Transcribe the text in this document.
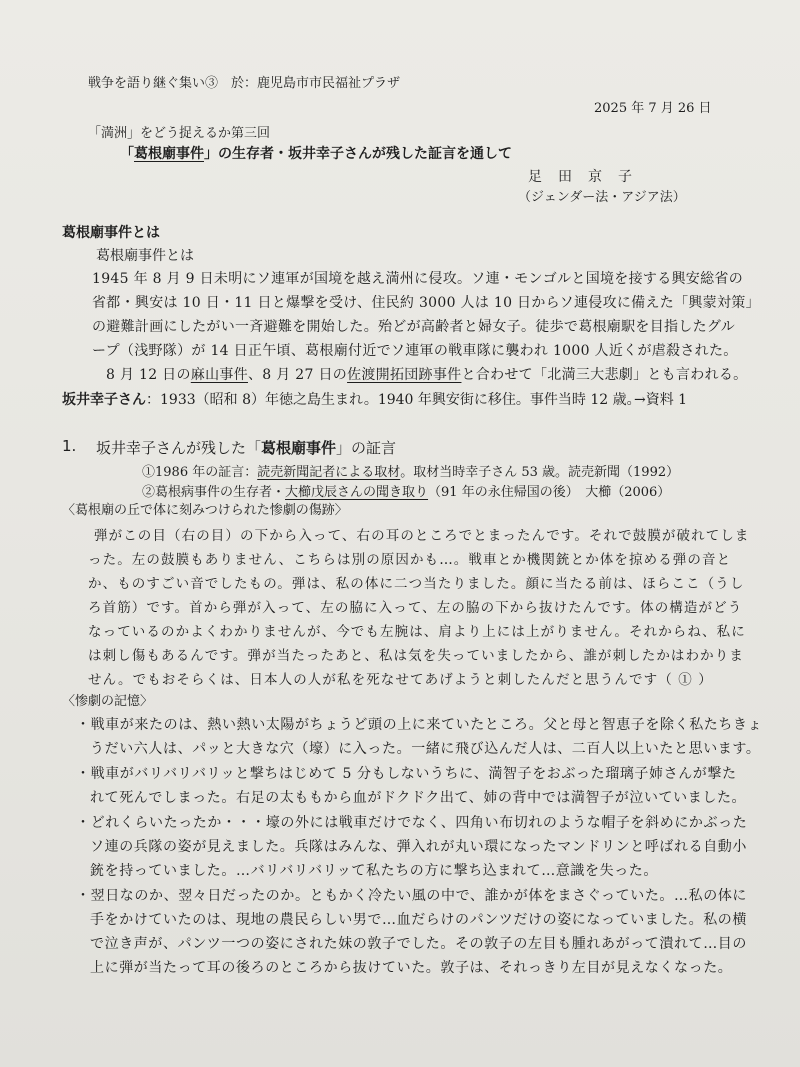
戦争を語り継ぐ集い③　於：鹿児島市市民福祉プラザ
2025 年 7 月 26 日
「満洲」をどう捉えるか第三回
「葛根廟事件」の生存者・坂井幸子さんが残した証言を通して
足　田　京　子
（ジェンダー法・アジア法）
葛根廟事件とは
葛根廟事件とは
1945 年 8 月 9 日未明にソ連軍が国境を越え満州に侵攻。ソ連・モンゴルと国境を接する興安総省の
省都・興安は 10 日・11 日と爆撃を受け、住民約 3000 人は 10 日からソ連侵攻に備えた「興蒙対策」
の避難計画にしたがい一斉避難を開始した。殆どが高齢者と婦女子。徒歩で葛根廟駅を目指したグル
ープ（浅野隊）が 14 日正午頃、葛根廟付近でソ連軍の戦車隊に襲われ 1000 人近くが虐殺された。
8 月 12 日の麻山事件、8 月 27 日の佐渡開拓団跡事件と合わせて「北満三大悲劇」とも言われる。
坂井幸子さん：1933（昭和 8）年徳之島生まれ。1940 年興安街に移住。事件当時 12 歳。
→資料 1
1. 坂井幸子さんが残した「葛根廟事件」の証言
①1986 年の証言：読売新聞記者による取材。取材当時幸子さん 53 歳。読売新聞（1992）
②葛根病事件の生存者・大櫛戊辰さんの聞き取り（91 年の永住帰国の後）　大櫛（2006）
〈葛根廟の丘で体に刻みつけられた惨劇の傷跡〉
弾がこの目（右の目）の下から入って、右の耳のところでとまったんです。それで鼓膜が破れてしま
った。左の鼓膜もありません、こちらは別の原因かも…。戦車とか機関銃とか体を掠める弾の音と
か、ものすごい音でしたもの。弾は、私の体に二つ当たりました。顔に当たる前は、ほらここ（うし
ろ首筋）です。首から弾が入って、左の脇に入って、左の脇の下から抜けたんです。体の構造がどう
なっているのかよくわかりませんが、今でも左腕は、肩より上には上がりません。それからね、私に
は刺し傷もあるんです。弾が当たったあと、私は気を失っていましたから、誰が刺したかはわかりま
せん。でもおそらくは、日本人の人が私を死なせてあげようと刺したんだと思うんです（ ① ）
〈惨劇の記憶〉
・戦車が来たのは、熱い熱い太陽がちょうど頭の上に来ていたところ。父と母と智恵子を除く私たちきょ
うだい六人は、パッと大きな穴（壕）に入った。一緒に飛び込んだ人は、二百人以上いたと思います。
・戦車がバリバリバリッと撃ちはじめて 5 分もしないうちに、満智子をおぶった瑠璃子姉さんが撃た
れて死んでしまった。右足の太ももから血がドクドク出て、姉の背中では満智子が泣いていました。
・どれくらいたったか・・・壕の外には戦車だけでなく、四角い布切れのような帽子を斜めにかぶった
ソ連の兵隊の姿が見えました。兵隊はみんな、弾入れが丸い環になったマンドリンと呼ばれる自動小
銃を持っていました。…バリバリバリッて私たちの方に撃ち込まれて…意識を失った。
・翌日なのか、翌々日だったのか。ともかく冷たい風の中で、誰かが体をまさぐっていた。…私の体に
手をかけていたのは、現地の農民らしい男で…血だらけのパンツだけの姿になっていました。私の横
で泣き声が、パンツ一つの姿にされた妹の敦子でした。その敦子の左目も腫れあがって潰れて…目の
上に弾が当たって耳の後ろのところから抜けていた。敦子は、それっきり左目が見えなくなった。
